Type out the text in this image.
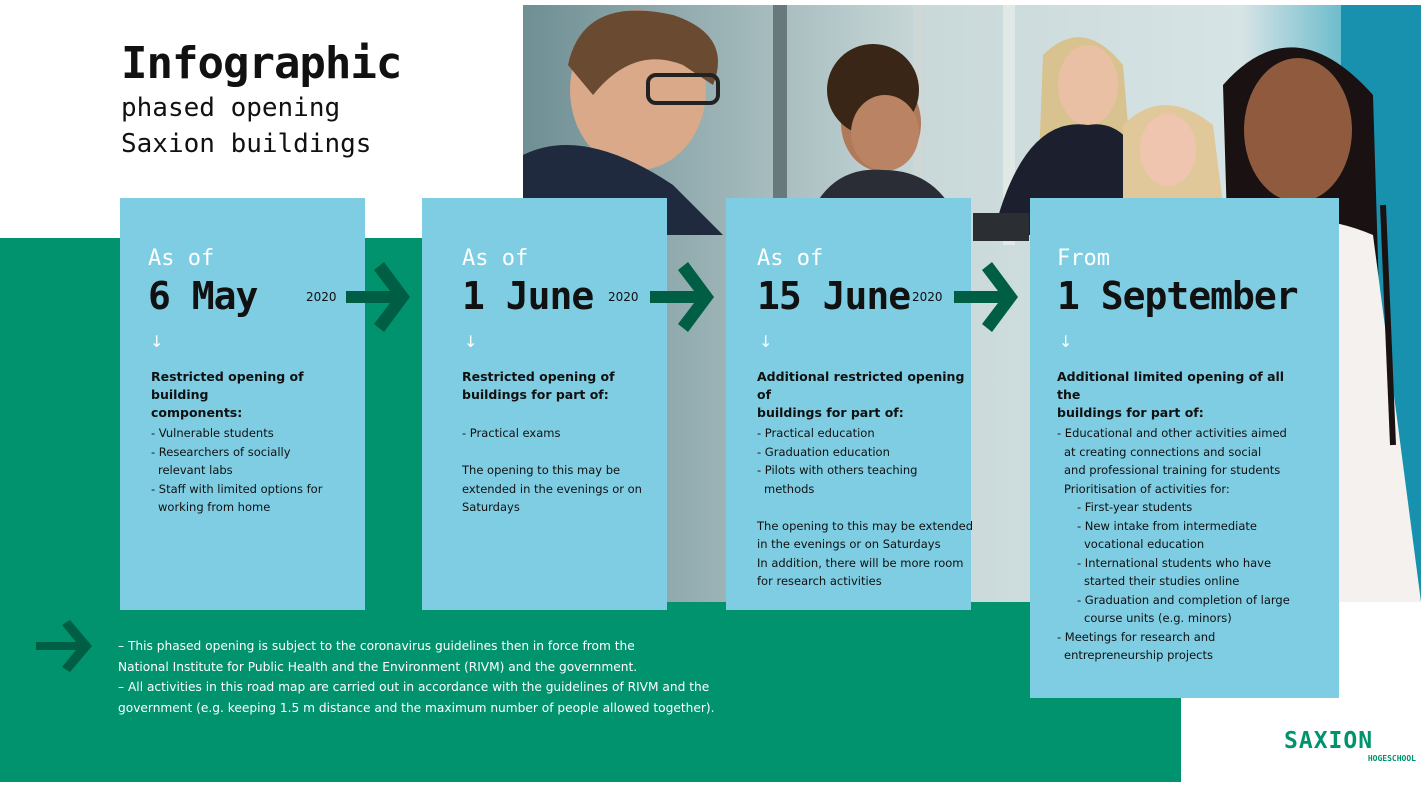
Infographic
phased opening
Saxion buildings
As of
6 May	2020
↓
Restricted opening of building
components:
- Vulnerable students
- Researchers of socially
relevant labs
- Staff with limited options for
working from home
As of
1 June 2020
↓
Restricted opening of
buildings for part of:
- Practical exams
The opening to this may be
extended in the evenings or on
Saturdays
As of
15 June 2020
↓
Additional restricted opening of
buildings for part of:
- Practical education
- Graduation education
- Pilots with others teaching
methods
The opening to this may be extended
in the evenings or on Saturdays
In addition, there will be more room
for research activities
From
1 September
↓
Additional limited opening of all the
buildings for part of:
- Educational and other activities aimed
at creating connections and social
and professional training for students
Prioritisation of activities for:
- First-year students
- New intake from intermediate
vocational education
- International students who have
started their studies online
- Graduation and completion of large
course units (e.g. minors)
- Meetings for research and
entrepreneurship projects
– This phased opening is subject to the coronavirus guidelines then in force from the
National Institute for Public Health and the Environment (RIVM) and the government.
– All activities in this road map are carried out in accordance with the guidelines of RIVM and the
government (e.g. keeping 1.5 m distance and the maximum number of people allowed together).
SAXION
HOGESCHOOL
